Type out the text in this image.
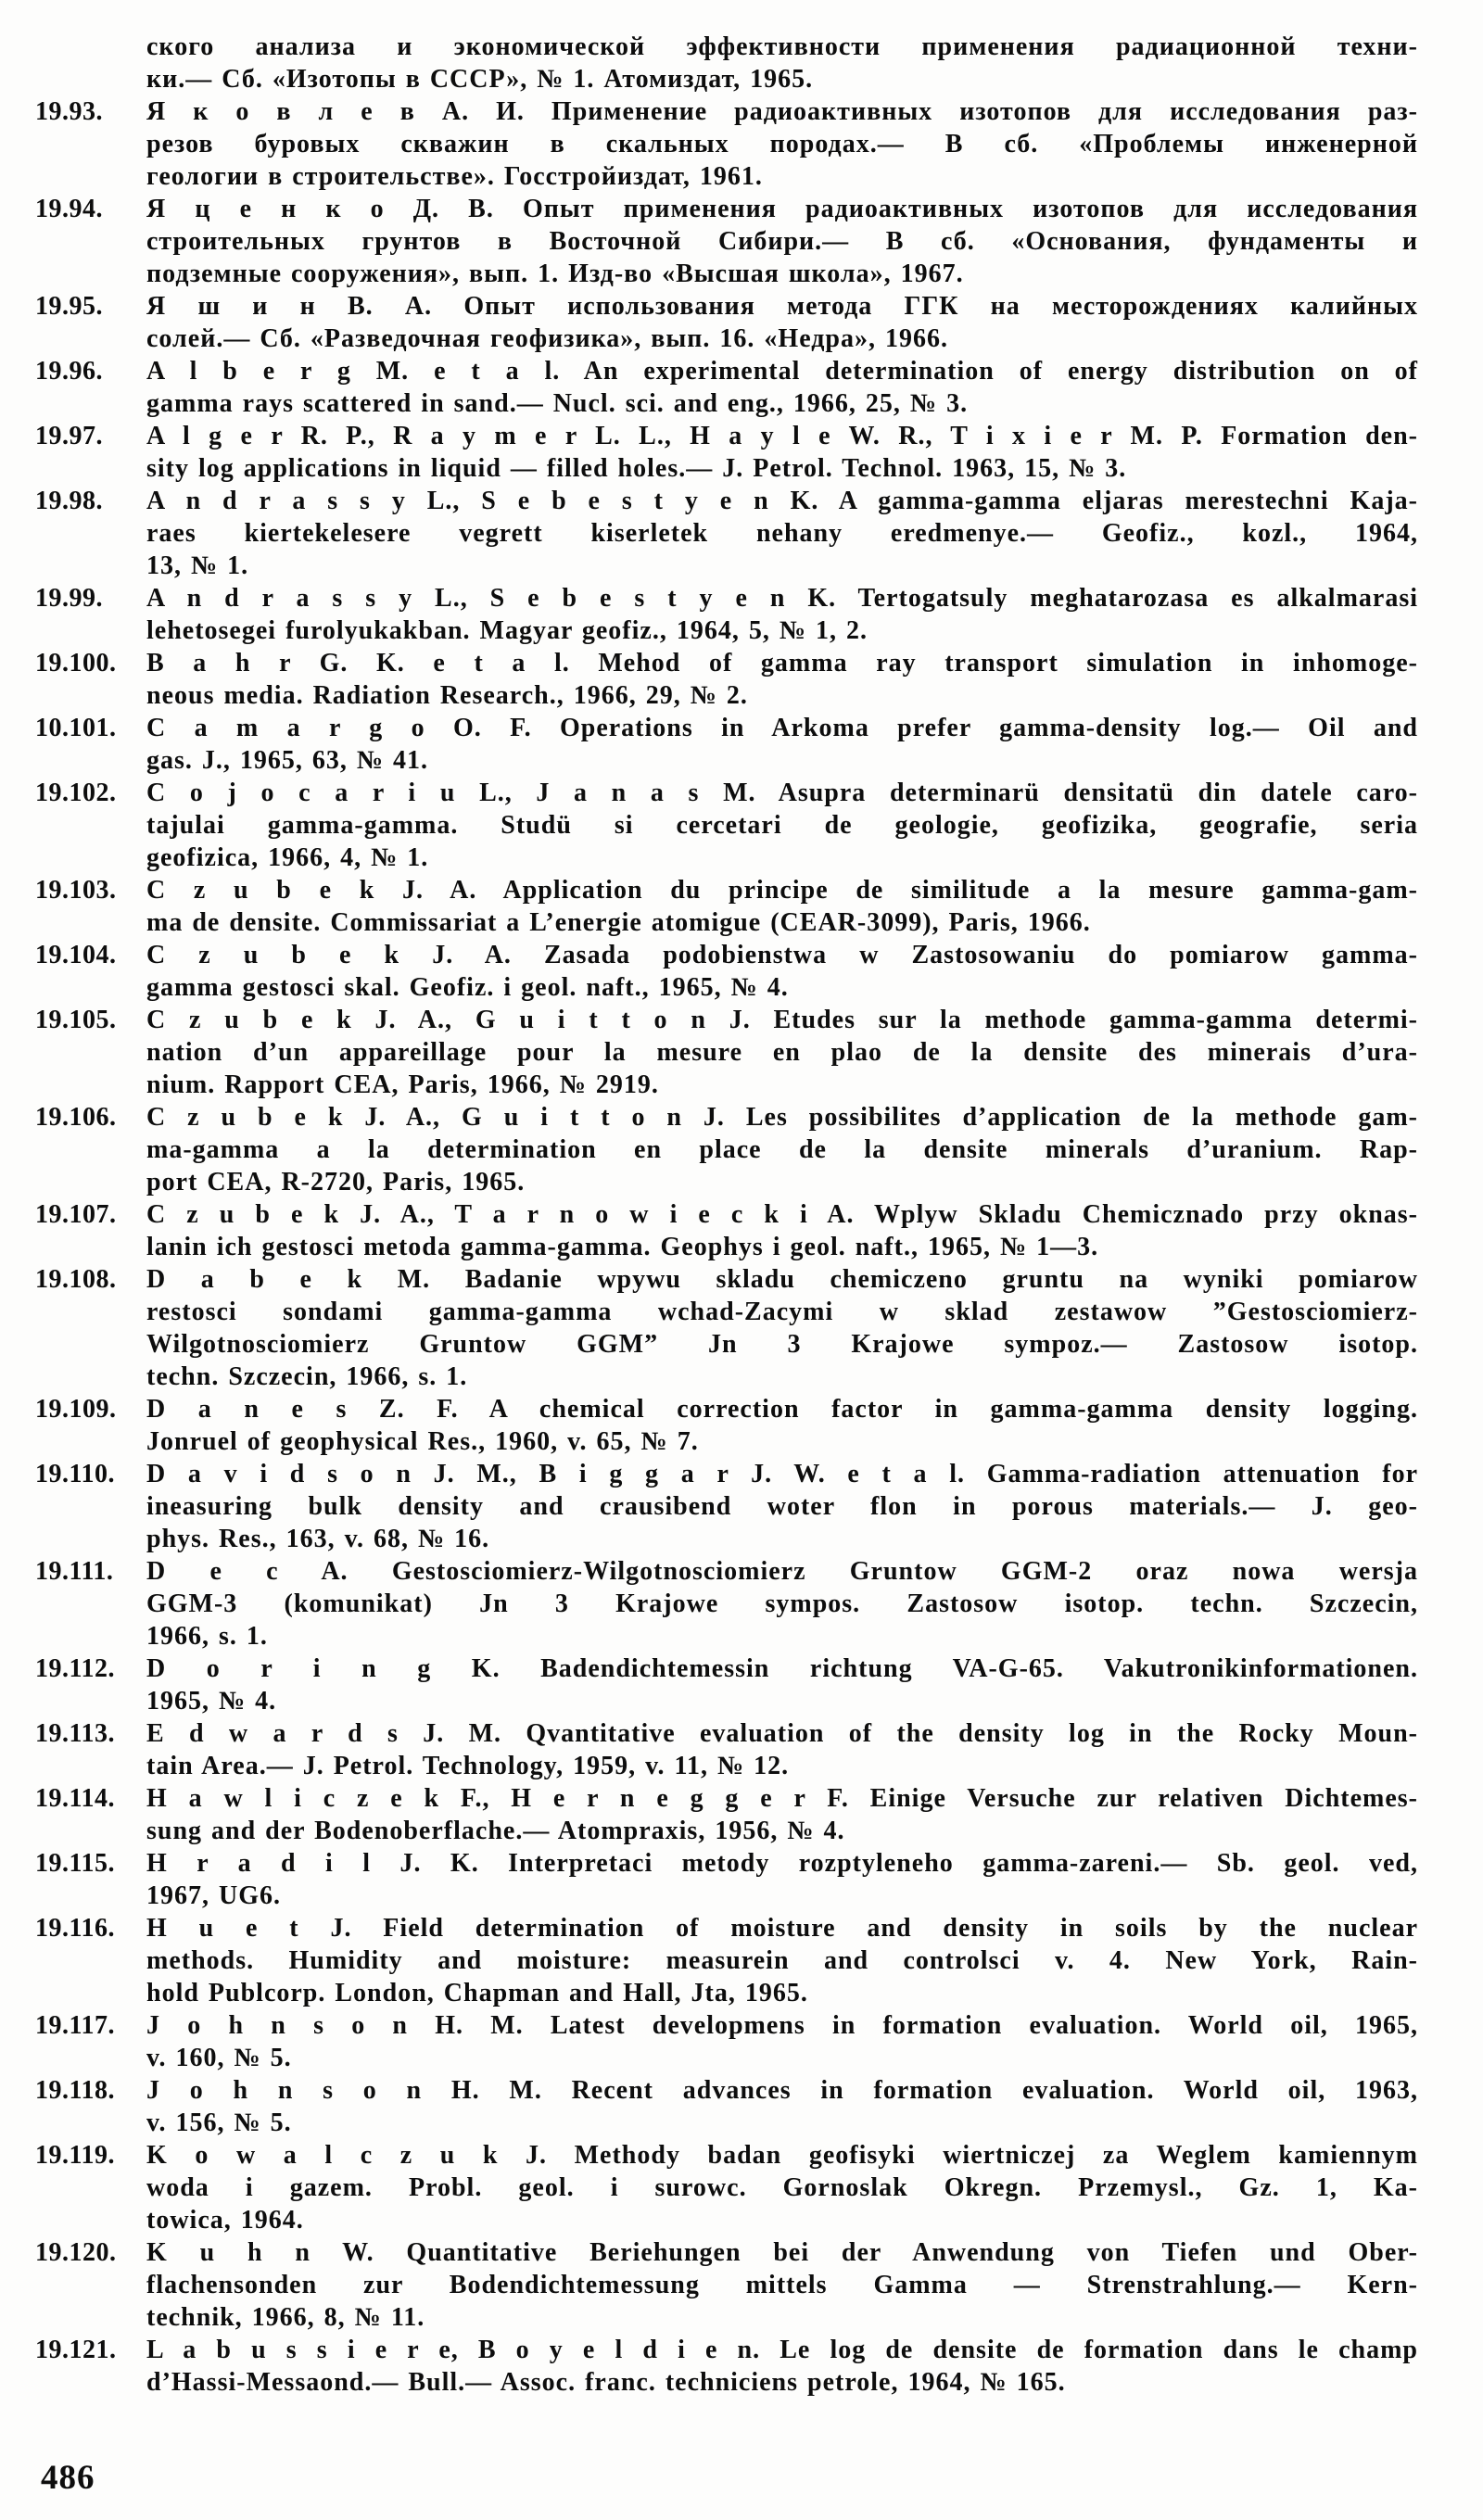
ского анализа и экономической эффективности применения радиационной техни-
ки.— Сб. «Изотопы в СССР», № 1. Атомиздат, 1965.
19.93. Я к о в л е в А. И. Применение радиоактивных изотопов для исследования раз-
резов буровых скважин в скальных породах.— В сб. «Проблемы инженерной
геологии в строительстве». Госстройиздат, 1961.
19.94. Я ц е н к о Д. В. Опыт применения радиоактивных изотопов для исследования
строительных грунтов в Восточной Сибири.— В сб. «Основания, фундаменты и
подземные сооружения», вып. 1. Изд-во «Высшая школа», 1967.
19.95. Я ш и н В. А. Опыт использования метода ГГК на месторождениях калийных
солей.— Сб. «Разведочная геофизика», вып. 16. «Недра», 1966.
19.96. A l b e r g M. e t a l. An experimental determination of energy distribution on of
gamma rays scattered in sand.— Nucl. sci. and eng., 1966, 25, № 3.
19.97. A l g e r R. P., R a y m e r L. L., H a y l e W. R., T i x i e r M. P. Formation den-
sity log applications in liquid — filled holes.— J. Petrol. Technol. 1963, 15, № 3.
19.98. A n d r a s s y L., S e b e s t y e n K. A gamma-gamma eljaras merestechni Kaja-
raes kiertekelesere vegrett kiserletek nehany eredmenye.— Geofiz., kozl., 1964,
13, № 1.
19.99. A n d r a s s y L., S e b e s t y e n K. Tertogatsuly meghatarozasa es alkalmarasi
lehetosegei furolyukakban. Magyar geofiz., 1964, 5, № 1, 2.
19.100. B a h r G. K. e t a l. Mehod of gamma ray transport simulation in inhomoge-
neous media. Radiation Research., 1966, 29, № 2.
10.101. C a m a r g o O. F. Operations in Arkoma prefer gamma-density log.— Oil and
gas. J., 1965, 63, № 41.
19.102. C o j o c a r i u L., J a n a s M. Asupra determinarü densitatü din datele caro-
tajulai gamma-gamma. Studü si cercetari de geologie, geofizika, geografie, seria
geofizica, 1966, 4, № 1.
19.103. C z u b e k J. A. Application du principe de similitude a la mesure gamma-gam-
ma de densite. Commissariat a L’energie atomigue (CEAR-3099), Paris, 1966.
19.104. C z u b e k J. A. Zasada podobienstwa w Zastosowaniu do pomiarow gamma-
gamma gestosci skal. Geofiz. i geol. naft., 1965, № 4.
19.105. C z u b e k J. A., G u i t t o n J. Etudes sur la methode gamma-gamma determi-
nation d’un appareillage pour la mesure en plao de la densite des minerais d’ura-
nium. Rapport CEA, Paris, 1966, № 2919.
19.106. C z u b e k J. A., G u i t t o n J. Les possibilites d’application de la methode gam-
ma-gamma a la determination en place de la densite minerals d’uranium. Rap-
port CEA, R-2720, Paris, 1965.
19.107. C z u b e k J. A., T a r n o w i e c k i A. Wplyw Skladu Chemicznado przy oknas-
lanin ich gestosci metoda gamma-gamma. Geophys i geol. naft., 1965, № 1—3.
19.108. D a b e k M. Badanie wpywu skladu chemiczeno gruntu na wyniki pomiarow
restosci sondami gamma-gamma wchad-Zacymi w sklad zestawow ”Gestosciomierz-
Wilgotnosciomierz Gruntow GGM” Jn 3 Krajowe sympoz.— Zastosow isotop.
techn. Szczecin, 1966, s. 1.
19.109. D a n e s Z. F. A chemical correction factor in gamma-gamma density logging.
Jonruel of geophysical Res., 1960, v. 65, № 7.
19.110. D a v i d s o n J. M., B i g g a r J. W. e t a l. Gamma-radiation attenuation for
ineasuring bulk density and crausibend woter flon in porous materials.— J. geo-
phys. Res., 163, v. 68, № 16.
19.111. D e c A. Gestosciomierz-Wilgotnosciomierz Gruntow GGM-2 oraz nowa wersja
GGM-3 (komunikat) Jn 3 Krajowe sympos. Zastosow isotop. techn. Szczecin,
1966, s. 1.
19.112. D o r i n g K. Badendichtemessin richtung VA-G-65. Vakutronikinformationen.
1965, № 4.
19.113. E d w a r d s J. M. Qvantitative evaluation of the density log in the Rocky Moun-
tain Area.— J. Petrol. Technology, 1959, v. 11, № 12.
19.114. H a w l i c z e k F., H e r n e g g e r F. Einige Versuche zur relativen Dichtemes-
sung and der Bodenoberflache.— Atompraxis, 1956, № 4.
19.115. H r a d i l J. K. Interpretaci metody rozptyleneho gamma-zareni.— Sb. geol. ved,
1967, UG6.
19.116. H u e t J. Field determination of moisture and density in soils by the nuclear
methods. Humidity and moisture: measurein and controlsci v. 4. New York, Rain-
hold Publcorp. London, Chapman and Hall, Jta, 1965.
19.117. J o h n s o n H. M. Latest developmens in formation evaluation. World oil, 1965,
v. 160, № 5.
19.118. J o h n s o n H. M. Recent advances in formation evaluation. World oil, 1963,
v. 156, № 5.
19.119. K o w a l c z u k J. Methody badan geofisyki wiertniczej za Weglem kamiennym
woda i gazem. Probl. geol. i surowc. Gornoslak Okregn. Przemysl., Gz. 1, Ka-
towica, 1964.
19.120. K u h n W. Quantitative Beriehungen bei der Anwendung von Tiefen und Ober-
flachensonden zur Bodendichtemessung mittels Gamma — Strenstrahlung.— Kern-
technik, 1966, 8, № 11.
19.121. L a b u s s i e r e, B o y e l d i e n. Le log de densite de formation dans le champ
d’Hassi-Messaond.— Bull.— Assoc. franc. techniciens petrole, 1964, № 165.
486
